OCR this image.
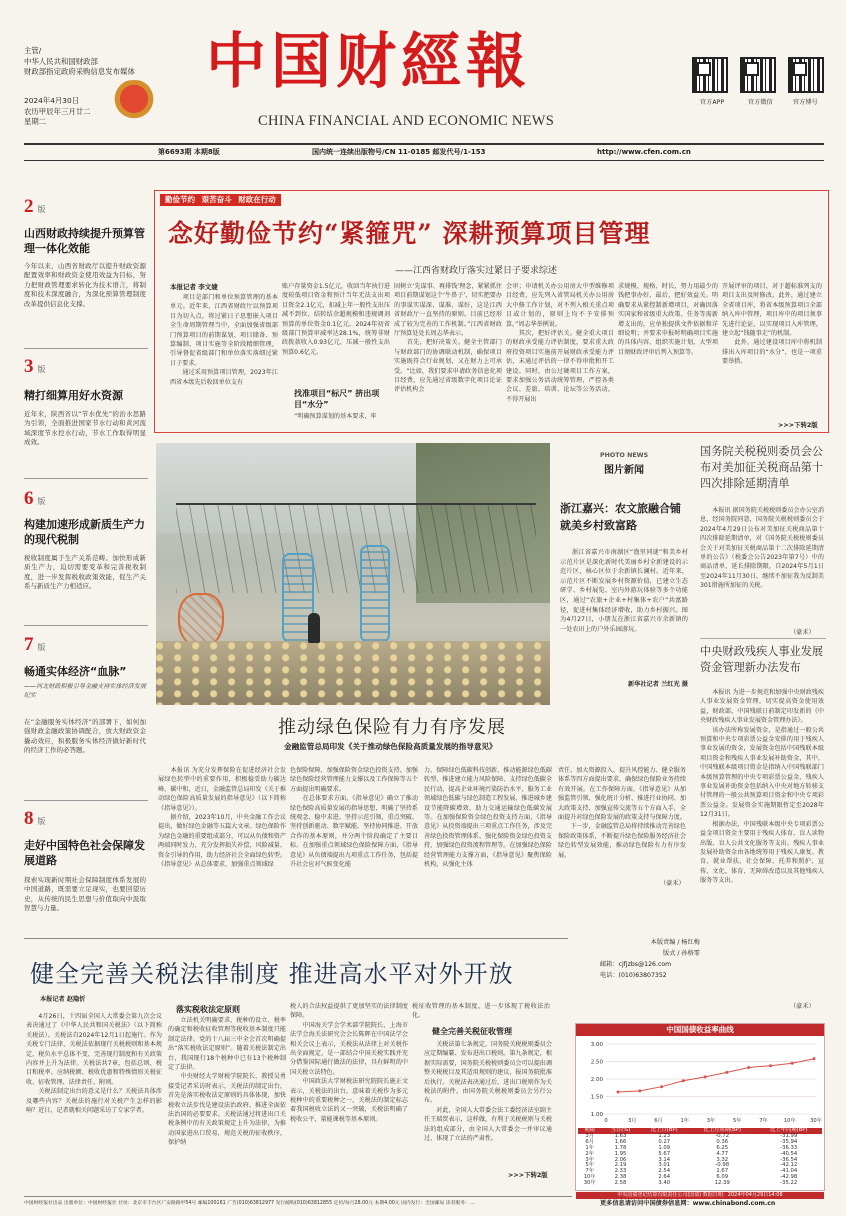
主管/
中华人民共和国财政部
财政部指定政府采购信息发布媒体
2024年4月30日
农历甲辰年三月廿二
星期二
中国财經報
CHINA FINANCIAL AND ECONOMIC NEWS
官方APP	官方微信	官方博号
第6693期 本期8版	国内统一连续出版物号/CN 11-0185 邮发代号/1-153	http://www.cfen.com.cn
2 版
山西财政持续提升预算管理一体化效能
今年以来，山西省财政厅以提升财政资源配置效率和财政资金使用效益为目标，努力把财政管理要求转化为技术语言，将制度和技术深度融合，为深化预算管理制度改革提供信息化支撑。
3 版
精打细算用好水资源
近年来，陕西省以“节水优先”的治水思路为引领，全面推进国家节水行动和黄河流域深度节水控水行动，节水工作取得明显成效。
6 版
构建加速形成新质生产力的现代税制
税收制度属于生产关系范畴。加快形成新质生产力，迫切需要变革和完善税收制度，进一步发挥税收政策效能，促生产关系与新质生产力相适应。
7 版
畅通实体经济“血脉”
——河北财政积极引导金融支持实体经济发展纪实
在“金融服务实体经济”的部署下，如何加强财政金融政策协调配合，放大财政资金撬动效应，积极服务实体经济做好新时代的经济工作的必答题。
8 版
走好中国特色社会保障发展道路
探索实现新时期社会保障制度体系发展的中国道路，既需要立足现实，也要回望历史，从传统的民生思想与价值取向中汲取智慧与力量。
勤俭节约 艰苦奋斗 财政在行动
念好勤俭节约“紧箍咒” 深耕预算项目管理
——江西省财政厅落实过紧日子要求综述
本报记者 李文婕
　　项目是部门和单位预算管理的基本单元。近年来，江西省财政厅以预算项目为切入点，将过紧日子思想嵌入项目全生命周期管理当中，全面加强省级部门预算项目的前期谋划、项目储备、预算编制、项目实施等全阶段精细管理，引导督促省级部门和单位落实落细过紧日子要求。
　　通过采用预算项目管理，2023年江西省本级先后收回单位支有
账户存量资金1.5亿元，收回当年执行进度较低项目资金和预计当年无法支出项目资金2.1亿元，扣减上年一般性支出压减不到位、结转结余超规模和违规调剂预算的单位资金0.1亿元。2024年初省级部门预算审减率达28.1%，统筹非财政拨款收入0.93亿元，压减一般性支出预算0.6亿元。
找准项目“标尺” 挤出项目“水分”
　　“明确预算谋划的基本要求，牢
固树立‘先谋事、再排钱’理念，紧紧抓住项目前期谋划这个‘牛鼻子’，切实把要办的事谋实谋深、谋准、谋好，这是江西省财政厅一直坚持的原则。目前已经形成了较为完善的工作机制。”江西省财政厅预算处处长周志华表示。
　　首先，把好决策关。健全主管部门与财政部门的协调联动机制，确保项目实施既符合行业规划，又在财力上可承受。“比如，我们要求申请政务信息化项目经费，应先通过省级数字化项目论证评估机构会
会审；申请机关办公用房大中型维修项目经费，应先列入省管局机关办公用房大中修工作计划，对不列入相关重点项目或计划的，原则上均不予安排预算。”周志华举例说。
　　其次，把好评估关。健全重大项目的财政承受能力评估制度，要求重大政府投资项目实施前开展财政承受能力评估，未通过评估的一律不得审批和开工建设。同时，由公过硬项目工作方案，要求加强公务活动统筹管理，严控各类会议、差旅、培训、论坛等公务活动，不得开展出
求规模、规格、时长，努力用最少的钱把事办好、最后，把好效益关。明确要求从紧控制新增项目，对确因落实国家和省级重大政策、任务等需新增支出的，应单独提供文件依据和详细说明；并要求申报时明确项目实施的具体内容、组织实施计划，大型项目须财政评审后列入预算等。
开展评审的项目，对于超标准列支的项目支出及时修改。此外，通过建立全省项目库，将省本级预算项目全部纳入库中管理，项目库中的项目须事先进行论证，以实现项目入库管理，建立起“钱随事走”的机制。
　　此外，通过建设项目库中将机制排出入库项目的“水分”，也是一项重要举措。
>>>下转2版
PHOTO NEWS
图片新闻
浙江嘉兴：农文旅融合铺就美乡村致富路
浙江省嘉兴市南湖区“渔里同谜”和美乡村示范片区是深化新时代美丽乡村全新建设的示范片区，核心区位于余新镇长澜村。近年来，示范片区不断发展乡村资源价值，已建立生态研学、乡村展览、室内外游玩体验等多个功能区，通过“农旅+企业+村集体+农户”共富路径，促进村集体经济增收，助力乡村振兴。图为4月27日，小朋友在浙江省嘉兴市余新镇的一处农田上的户外乐园游玩。
新华社记者 兰红光 摄
推动绿色保险有力有序发展
金融监管总局印发《关于推动绿色保险高质量发展的指导意见》
　　本报讯 为充分发挥保险在促进经济社会发展绿色转型中的重要作用，积极稳妥助力碳达峰、碳中和，近日，金融监管总局印发《关于推动绿色保险高质量发展的指导意见》（以下简称《指导意见》）。
　　据介绍，2023年10月，中央金融工作会议提出，做好绿色金融等五篇大文章。绿色保险作为绿色金融的重要组成部分，可以从负债和资产两端同时发力，充分发挥损失补偿、风险减量、资金引导的作用，助力经济社会全面绿色转型。《指导意见》从总体要求，加强重点领域绿
色保险保障、加强保险资金绿色投资支持、加强绿色保险经营管理能力支撑以及工作保障等五个方面提出明确要求。
　　在总体要求方面，《指导意见》确立了推动绿色保险高质量发展的指导思想，明确了坚持系统观念、稳中求进、坚持示范引领、重点突破、坚持创新驱动、数字赋能、坚持协同推进、开放合作的基本原则，并分两个阶段确定了主要目标。在加强重点领域绿色保险保障方面，《指导意见》从负债端提出九项重点工作任务，包括提升社会应对气候变化能
力、保障绿色低碳科技创新、推动能源绿色低碳转型、推进建立能力风险保障、支持绿色低碳全民行动、提高企业环境污染防治水平、服务工业领域绿色低碳与绿色制造工程发展、推进城乡建设节能降碳增效、助力交通运输绿色低碳发展等。在加强保险资金绿色投资支持方面，《指导意见》从投资端提出三项重点工作任务，涉及完善绿色投资管理体系、强化保险资金绿色投资支持、加强绿色投资流程管理等。在加强绿色保险经营管理能力支撑方面，《指导意见》聚焦保险机构，从强化主体
责任、加大资源投入、提升风控能力、健全服务体系等四方面提出要求，确保绿色保险业务持续有效开展。在工作保障方面，《指导意见》从加强监管引领、强化统计分析、推进行业协同、加大政策支持、加强宣传交流等五个方面入手，全面提升对绿色保险发展的政策支持与保障力度。
　　下一步，金融监管总局将持续推动完善绿色保险政策体系，不断提升绿色保险服务经济社会绿色转型发展效能，推动绿色保险有力有序发展。
（豪禾）
国务院关税税则委员会公布对美加征关税商品第十四次排除延期清单
　　本报讯 据国务院关税税则委员会办公室消息，经国务院同意，国务院关税税则委员会于2024年4月29日公布对美加征关税商品第十四次排除延期清单，对《国务院关税税则委员会关于对美加征关税商品第十二次排除延期清单的公告》（税委会公告2023年第7号）中的商品清单，延长排除期限，自2024年5月1日至2024年11月30日，继续不加征我为反制美301措施所加征的关税。
（豪禾）
中央财政残疾人事业发展资金管理新办法发布
　　本报讯 为进一步规范和加强中央财政残疾人事业发展资金管理，切实提高资金使用效益，财政部、中国残联日前制定印发新的《中央财政残疾人事业发展资金管理办法》。
　　该办法所称发展资金，是指通过一般公共预算和中央专项彩票公益金安排的用于残疾人事业发展的资金，发展资金包括中国残联本级项目资金和残疾人事业发展补助资金，其中，中国残联本级项目资金是指纳入中国残联部门本级预算管理的中央专项彩票公益金，残疾人事业发展补助资金包括纳入中央对地方转移支付管理的一般公共预算项目资金和中央专项彩票公益金。发展资金实施期限暂定至2028年12月31日。
　　根据办法，中国残联本级中央专项彩票公益金项目资金主要用于残疾人体育、盲人读物出版、盲人公共文化服务等支出。残疾人事业发展补助资金由各地统筹用于残疾人康复、教育、就业帮扶、社会保障、托养和照护、宣传、文化、体育、无障碍改造以及其他残疾人服务等支出。
（豪禾）
健全完善关税法律制度 推进高水平对外开放
本报记者 赵隐忻
　　4月26日，十四届全国人大常委会第九次会议表决通过了《中华人民共和国关税法》（以下简称关税法）。关税法自2024年12月1日起施行。作为关税专门法律，关税法依据现行关税税则和基本规定，税负水平总体不变，完善现行制度和有关政策内容并上升为法律。关税法共7章，包括总则、税目和税率、应纳税额、税收优惠和特殊情形关税征收、征收管理、法律责任、附则。
　　关税法制定出台的意义是什么？关税法具体涉及哪些内容？关税法的施行对关税产生怎样的影响？近日，记者就相关问题采访了专家学者。
落实税收法定原则
　　立法机关明确要求，税种的设立、税率的确定和税收征收管理等税收基本制度只能制定法律。党的十八届三中全会首次明确提出“落实税收法定原则”。随着关税法制定出台，我国现行18个税种中已有13个税种制定了法律。
　　中央财经大学财税学院院长、教授吴勇接受记者采访时表示，关税法的制定出台，首先是落实税收法定原则的具体体现，加快税收立法步伐是建设法治政府、推进全面依法治国的必要要求。关税法通过将进出口关税条例中的有关政策规定上升为法律，为推动国家进出口贸易，规范关税的征收秩序，保护纳
税人的合法权益提供了更加坚实的法律制度保障。
　　中国海关学会学术部学院院长、上海市法学会海关法研究会会长陈晖在中国法学会相关会议上表示，关税法从法律上对关税作出全面规定，是一部结合中国关税实践并充分借鉴国际通行做法的法律，具有鲜明的中国关税立法特色。
　　中国政法大学财税法研究院院长施正文表示，关税法的出台，意味着关税作为多元税种中的重要税种之一，关税法的制定标志着我国税收立法的又一突破，关税法明确了税收公平、量能课税等基本原则。
税征收管理的基本制度，进一步体现了税收法治化。
健全完善关税征收管理
　　关税法第七条规定，国务院关税税则委员会应定期编纂、发布进出口税则。第九条规定，根据实际需要，国务院关税税则委员会可以提出调整关税税目及其适用规则的建议，报国务院批准后执行。关税法表决通过后，进出口税则作为关税法的附件，由国务院关税税则委员会另行公布。
　　对此，全国人大常委会法工委经济法室副主任王瑞贺表示，这样做，有利于关税税则与关税法的组成部分，由全国人大常委会一并审议通过，体现了立法的严肃性。
>>>下转2版
本版责编 / 杨红梅
版式 / 孙格霏
邮箱：cjfjzbs@126.com
电话：(010)63807352
中国国债收益率曲线
3.00
2.50
2.00
1.50
1.00
0	3月	6月	1年	3年	5年	7年	10年	30年
期限	当日(%)	比上日(BP)	比上月同期(BP)	比上年同期(BP)
3月	1.63	1.23	-0.72	-31.99
6月	1.66	0.27	0.36	-35.94
1年	1.78	1.09	6.25	-36.33
2年	1.95	5.67	4.77	-40.54
3年	2.06	3.14	3.32	-36.54
5年	2.19	3.01	-0.98	-42.12
7年	2.33	2.54	1.67	-41.04
10年	2.38	2.64	6.09	-42.98
30年	2.58	3.40	12.39	-35.22
中央国债登记结算有限责任公司(国债) 数据日期：2024年04月29日14:08
更多信息请访问中国债券信息网：www.chinabond.com.cn
中国财经报社出品 出版单位：中国财经报社 社址：北京市丰台区广安路路甲54号 邮编100161 广告(010)63812977 发行邮购(010)63812855 定价/每月28.00元 本期4.00元 国内发行：全国邮局 读者服务：...
